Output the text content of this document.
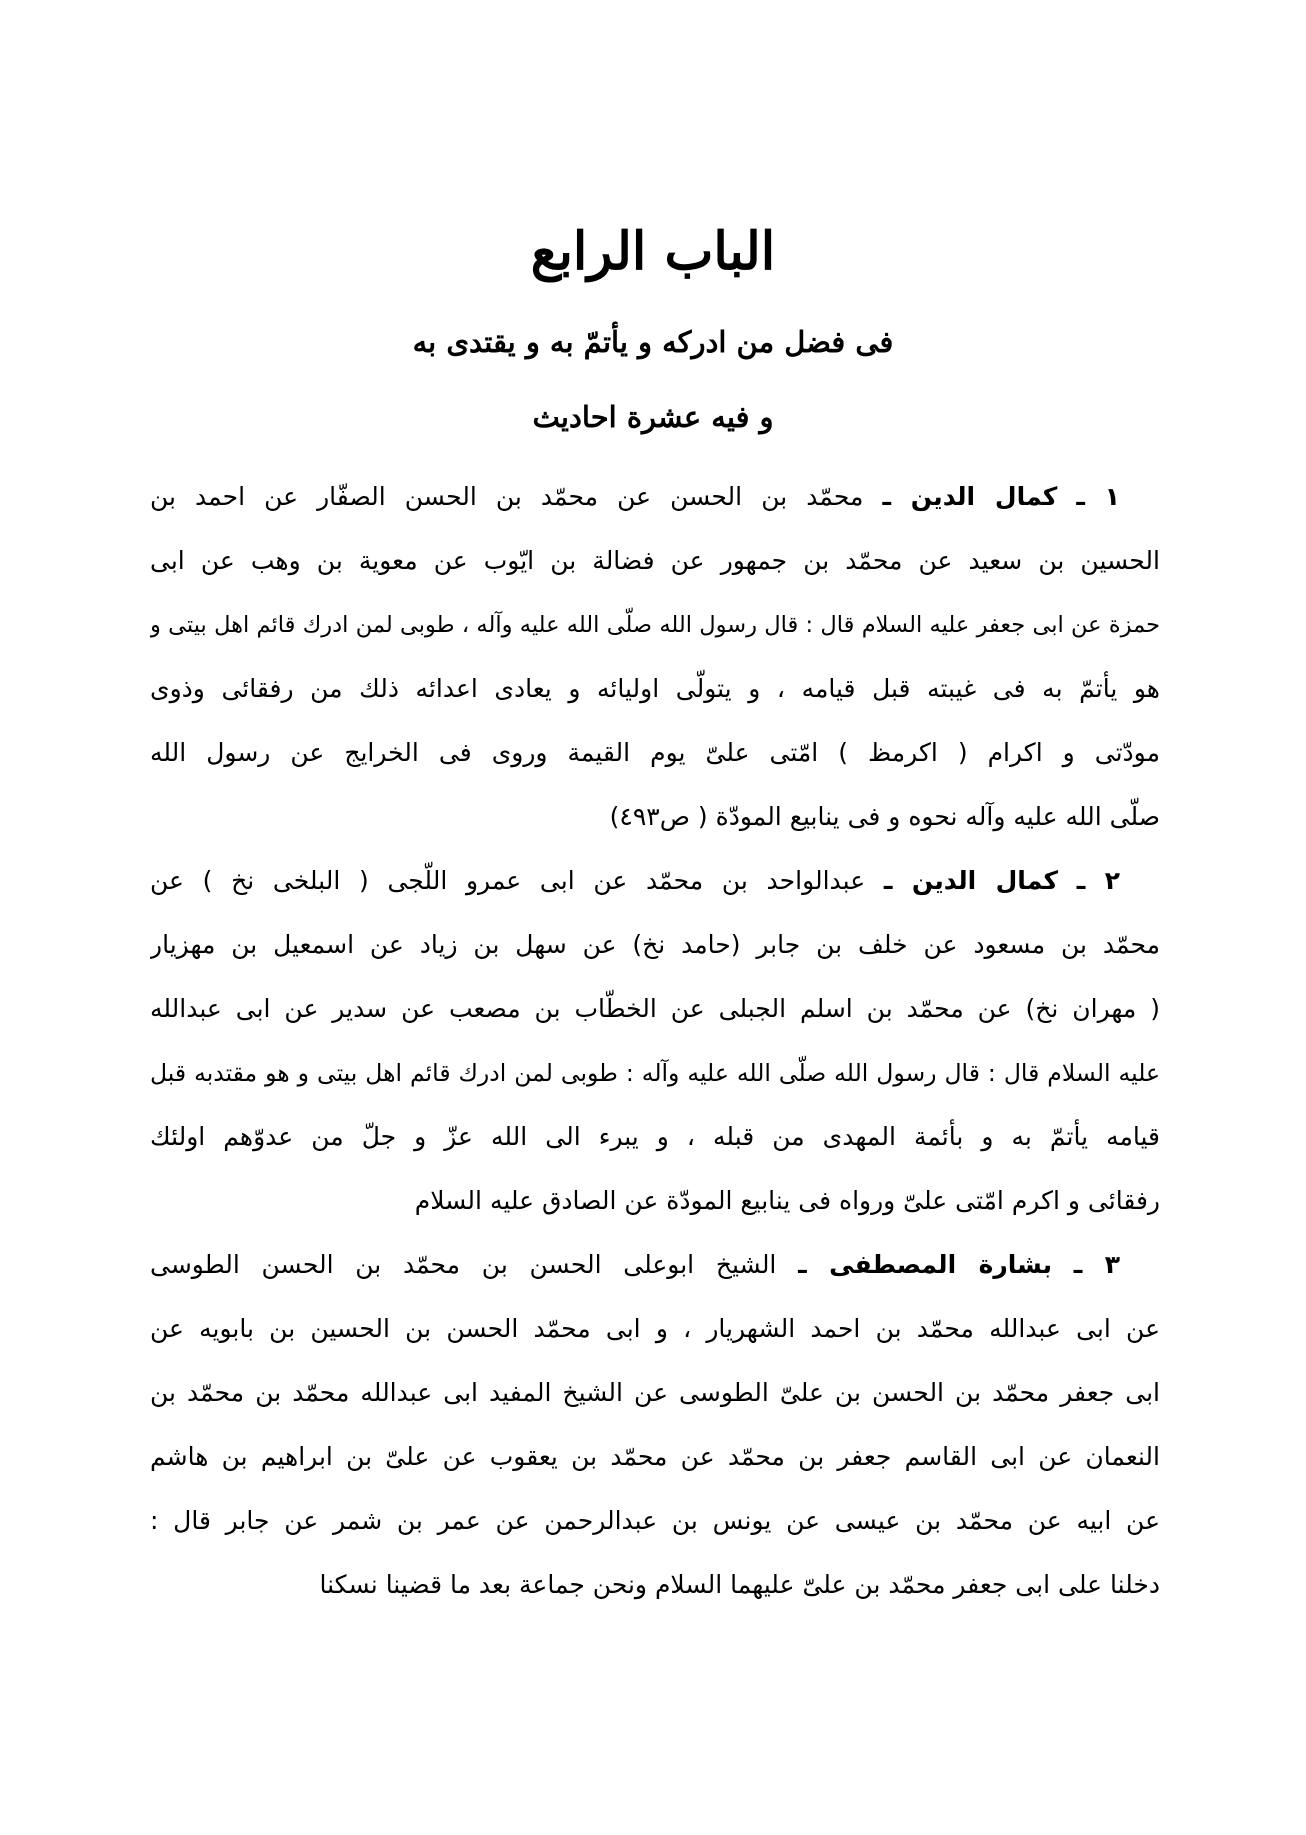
الباب الرابع
فی فضل من ادرکه و یأتمّ به و یقتدی به
و فیه عشرة احادیث
١ ـ كمال الدين ـ محمّد بن الحسن عن محمّد بن الحسن الصفّار عن احمد بن
الحسين بن سعيد عن محمّد بن جمهور عن فضالة بن ايّوب عن معوية بن وهب عن ابی
حمزة عن ابی جعفر عليه السلام قال : قال رسول الله صلّى الله عليه وآله ، طوبى لمن ادرك قائم اهل بيتی و
هو يأتمّ به فی غيبته قبل قيامه ، و يتولّى اوليائه و يعادی اعدائه ذلك من رفقائی وذوی
مودّتی و اكرام ( اكرمظ ) امّتی علیّ يوم القيمة وروی فی الخرايج عن رسول الله
صلّى الله عليه وآله نحوه و فی ينابيع المودّة ( ص٤٩٣)
٢ ـ كمال الدين ـ عبدالواحد بن محمّد عن ابی عمرو اللّجی ( البلخی نخ ) عن
محمّد بن مسعود عن خلف بن جابر (حامد نخ) عن سهل بن زياد عن اسمعيل بن مهزيار
( مهران نخ) عن محمّد بن اسلم الجبلی عن الخطّاب بن مصعب عن سدير عن ابی عبدالله
عليه السلام قال : قال رسول الله صلّى الله عليه وآله : طوبى لمن ادرك قائم اهل بيتی و هو مقتدبه قبل
قيامه يأتمّ به و بأئمة المهدی من قبله ، و يبرء الى الله عزّ و جلّ من عدوّهم اولئك
رفقائی و اكرم امّتی علیّ ورواه فی ينابيع المودّة عن الصادق عليه السلام
٣ ـ بشارة المصطفى ـ الشيخ ابوعلی الحسن بن محمّد بن الحسن الطوسی
عن ابی عبدالله محمّد بن احمد الشهريار ، و ابی محمّد الحسن بن الحسين بن بابويه عن
ابی جعفر محمّد بن الحسن بن علیّ الطوسی عن الشيخ المفيد ابی عبدالله محمّد بن محمّد بن
النعمان عن ابی القاسم جعفر بن محمّد عن محمّد بن يعقوب عن علیّ بن ابراهيم بن هاشم
عن ابيه عن محمّد بن عيسى عن يونس بن عبدالرحمن عن عمر بن شمر عن جابر قال :
دخلنا علی ابی جعفر محمّد بن علیّ عليهما السلام ونحن جماعة بعد ما قضينا نسكنا
